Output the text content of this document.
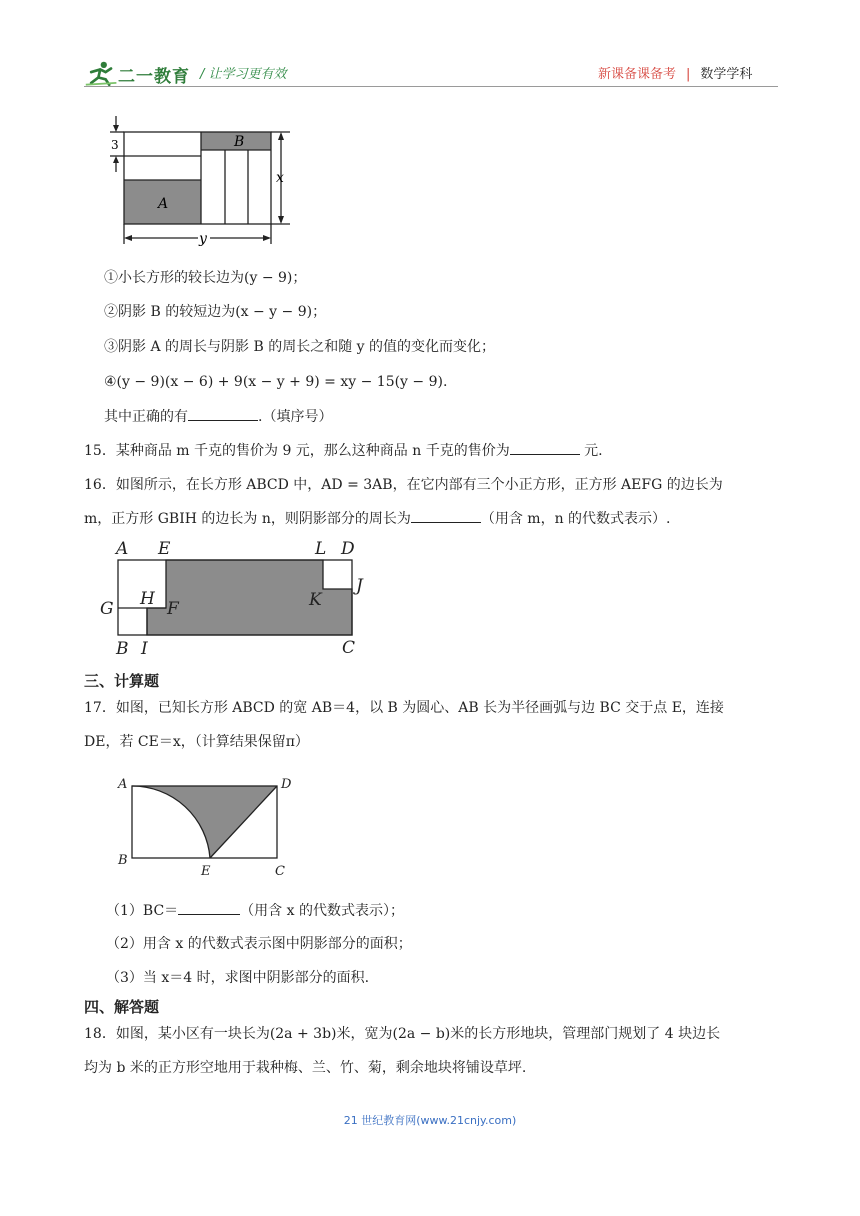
二一教育 / 让学习更有效	新课备课备考 | 数学学科
3
A
B
x
y
①小长方形的较长边为(y − 9)；
②阴影 B 的较短边为(x − y − 9)；
③阴影 A 的周长与阴影 B 的周长之和随 y 的值的变化而变化；
④(y − 9)(x − 6) + 9(x − y + 9) = xy − 15(y − 9).
其中正确的有	.（填序号）
15．某种商品 m 千克的售价为 9 元，那么这种商品 n 千克的售价为	元.
16．如图所示，在长方形 ABCD 中，AD = 3AB，在它内部有三个小正方形，正方形 AEFG 的边长为
m，正方形 GBIH 的边长为 n，则阴影部分的周长为	（用含 m，n 的代数式表示）.
A E	L D
J
G H F	K
B I	C
三、计算题
17．如图，已知长方形 ABCD 的宽 AB＝4，以 B 为圆心、AB 长为半径画弧与边 BC 交于点 E，连接
DE，若 CE＝x，（计算结果保留π）
A	D
B
E	C
（1）BC＝	（用含 x 的代数式表示）；
（2）用含 x 的代数式表示图中阴影部分的面积；
（3）当 x＝4 时，求图中阴影部分的面积.
四、解答题
18．如图，某小区有一块长为(2a + 3b)米，宽为(2a − b)米的长方形地块，管理部门规划了 4 块边长
均为 b 米的正方形空地用于栽种梅、兰、竹、菊，剩余地块将铺设草坪.
21 世纪教育网(www.21cnjy.com)
